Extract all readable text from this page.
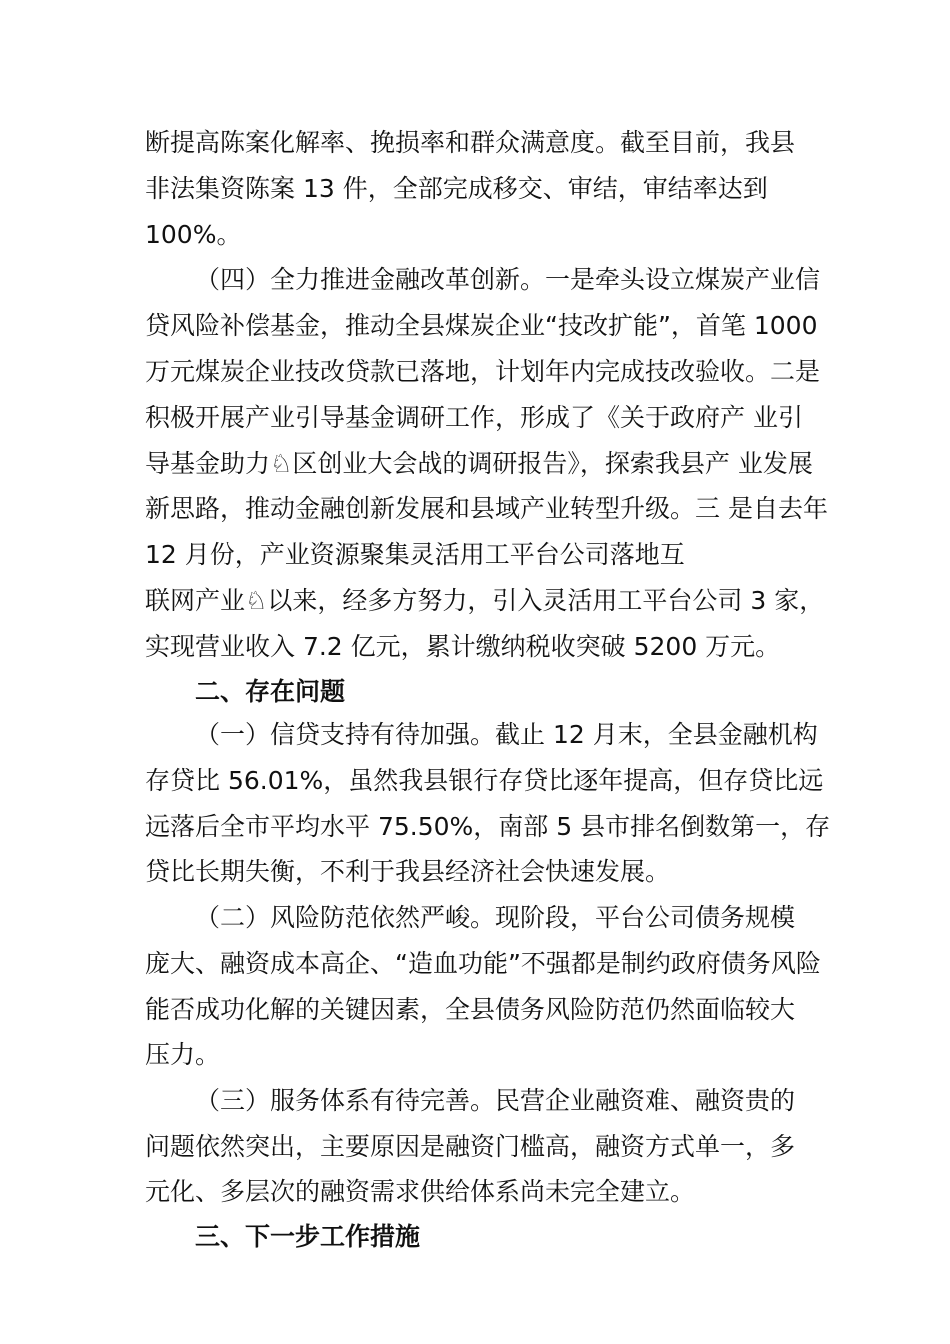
断提高陈案化解率、挽损率和群众满意度。截至目前，我县
非法集资陈案 13 件，全部完成移交、审结，审结率达到
100%。
（四）全力推进金融改革创新。一是牵头设立煤炭产业信
贷风险补偿基金，推动全县煤炭企业“技改扩能”，首笔 1000
万元煤炭企业技改贷款已落地，计划年内完成技改验收。二是
积极开展产业引导基金调研工作，形成了《关于政府产 业引
导基金助力♘区创业大会战的调研报告》，探索我县产 业发展
新思路，推动金融创新发展和县域产业转型升级。三 是自去年
12 月份，产业资源聚集灵活用工平台公司落地互
联网产业♘以来，经多方努力，引入灵活用工平台公司 3 家，
实现营业收入 7.2 亿元，累计缴纳税收突破 5200 万元。
二、存在问题
（一）信贷支持有待加强。截止 12 月末，全县金融机构
存贷比 56.01%，虽然我县银行存贷比逐年提高，但存贷比远
远落后全市平均水平 75.50%，南部 5 县市排名倒数第一，存
贷比长期失衡，不利于我县经济社会快速发展。
（二）风险防范依然严峻。现阶段，平台公司债务规模
庞大、融资成本高企、“造血功能”不强都是制约政府债务风险
能否成功化解的关键因素，全县债务风险防范仍然面临较大
压力。
（三）服务体系有待完善。民营企业融资难、融资贵的
问题依然突出，主要原因是融资门槛高，融资方式单一，多
元化、多层次的融资需求供给体系尚未完全建立。
三、下一步工作措施
